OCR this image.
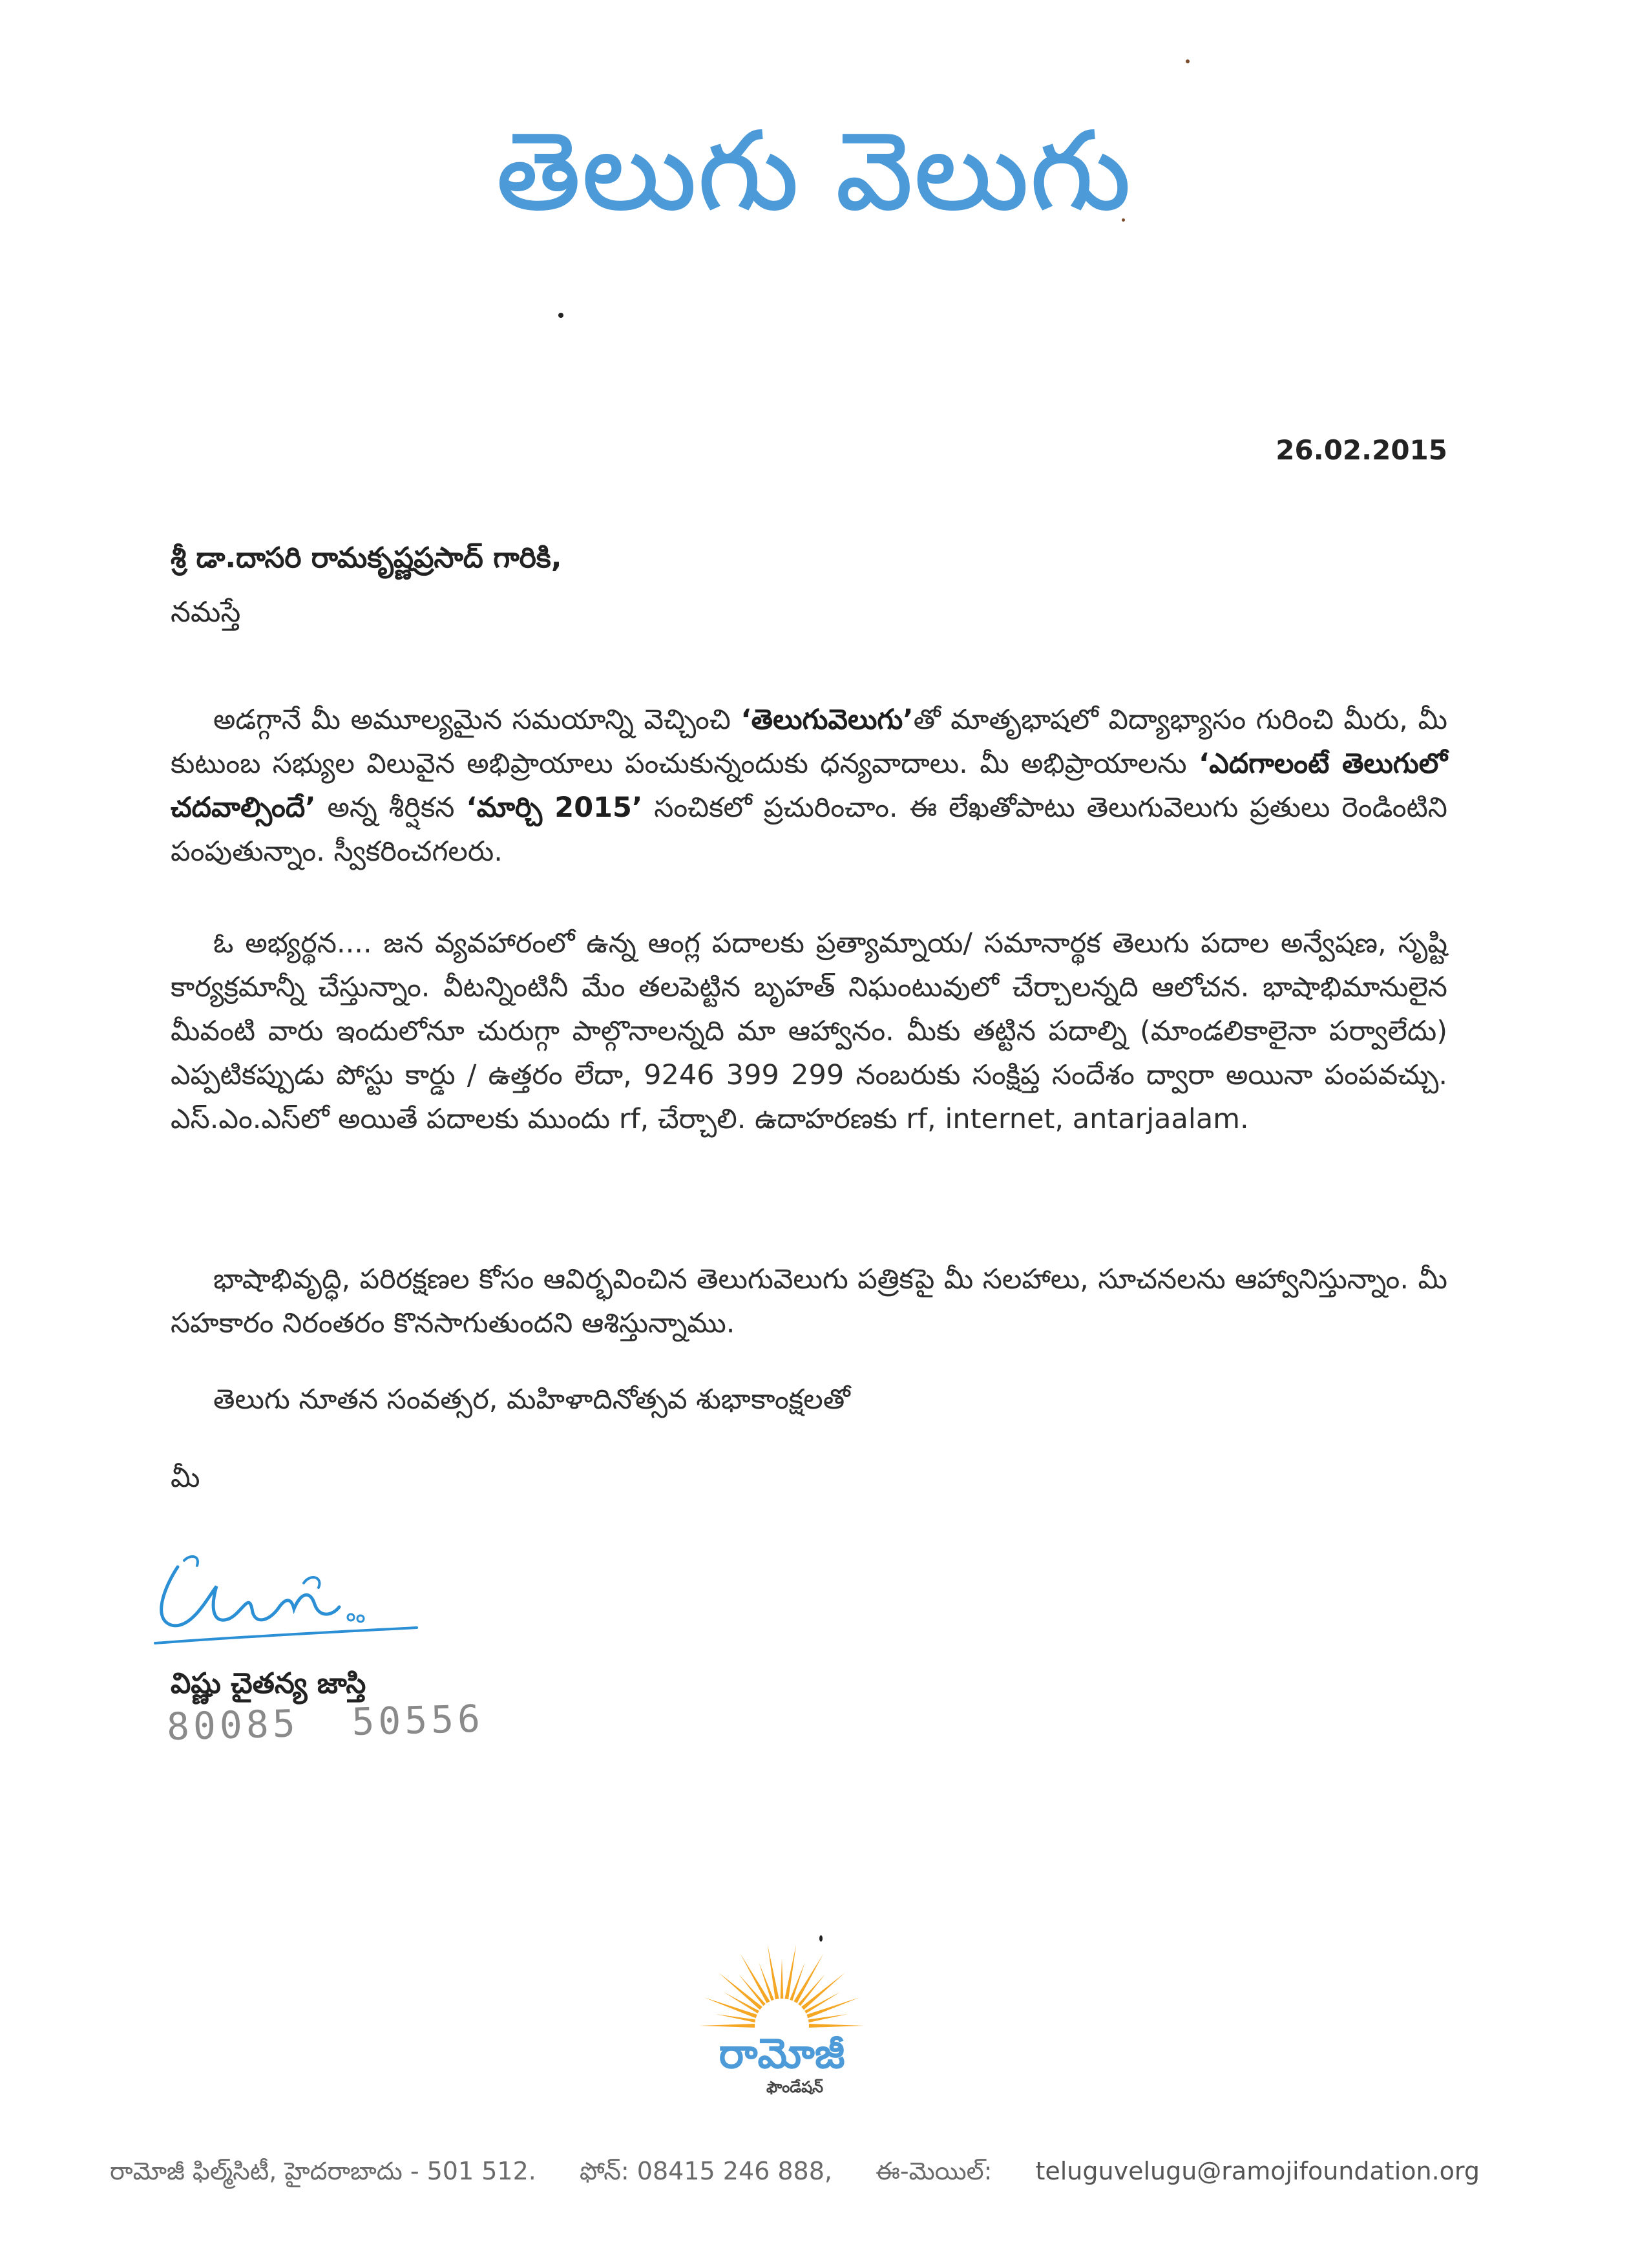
తెలుగు వెలుగు
26.02.2015
శ్రీ డా.దాసరి రామకృష్ణప్రసాద్ గారికి,
నమస్తే

అడగ్గానే మీ అమూల్యమైన సమయాన్ని వెచ్చించి ‘తెలుగువెలుగు’తో మాతృభాషలో విద్యాభ్యాసం గురించి మీరు, మీ కుటుంబ సభ్యుల విలువైన అభిప్రాయాలు పంచుకున్నందుకు ధన్యవాదాలు. మీ అభిప్రాయాలను ‘ఎదగాలంటే తెలుగులో చదవాల్సిందే’ అన్న శీర్షికన ‘మార్చి 2015’ సంచికలో ప్రచురించాం. ఈ లేఖతోపాటు తెలుగువెలుగు ప్రతులు రెండింటిని పంపుతున్నాం. స్వీకరించగలరు.

ఓ అభ్యర్థన.... జన వ్యవహారంలో ఉన్న ఆంగ్ల పదాలకు ప్రత్యామ్నాయ/ సమానార్థక తెలుగు పదాల అన్వేషణ, సృష్టి కార్యక్రమాన్నీ చేస్తున్నాం. వీటన్నింటినీ మేం తలపెట్టిన బృహత్ నిఘంటువులో చేర్చాలన్నది ఆలోచన. భాషాభిమానులైన మీవంటి వారు ఇందులోనూ చురుగ్గా పాల్గొనాలన్నది మా ఆహ్వానం. మీకు తట్టిన పదాల్ని (మాండలికాలైనా పర్వాలేదు) ఎప్పటికప్పుడు పోస్టు కార్డు / ఉత్తరం లేదా, 9246 399 299 నంబరుకు సంక్షిప్త సందేశం ద్వారా అయినా పంపవచ్చు. ఎస్.ఎం.ఎస్‌లో అయితే పదాలకు ముందు rf, చేర్చాలి. ఉదాహరణకు rf, internet, antarjaalam.

భాషాభివృద్ధి, పరిరక్షణల కోసం ఆవిర్భవించిన తెలుగువెలుగు పత్రికపై మీ సలహాలు, సూచనలను ఆహ్వానిస్తున్నాం. మీ సహకారం నిరంతరం కొనసాగుతుందని ఆశిస్తున్నాము.

తెలుగు నూతన సంవత్సర, మహిళాదినోత్సవ శుభాకాంక్షలతో

మీ
విష్ణు చైతన్య జాస్తి
80085  50556
రామోజీ
ఫౌండేషన్
రామోజీ ఫిల్మ్‌సిటీ, హైదరాబాదు - 501 512. ఫోన్: 08415 246 888, ఈ-మెయిల్: teluguvelugu@ramojifoundation.org
